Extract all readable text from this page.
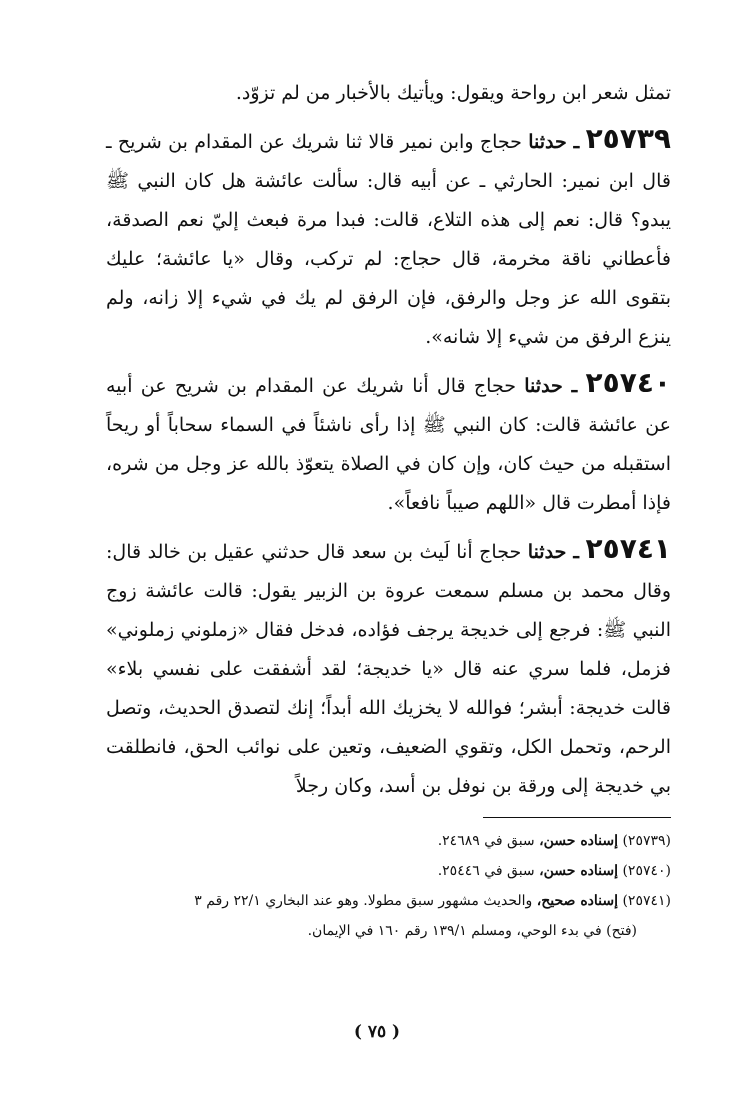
تمثل شعر ابن رواحة ويقول: ويأتيك بالأخبار من لم تزوّد.

٢٥٧٣٩ ـ حدثنا حجاج وابن نمير قالا ثنا شريك عن المقدام بن شريح ـ قال ابن نمير: الحارثي ـ عن أبيه قال: سألت عائشة هل كان النبي ﷺ يبدو؟ قال: نعم إلى هذه التلاع، قالت: فبدا مرة فبعث إليّ نعم الصدقة، فأعطاني ناقة مخرمة، قال حجاج: لم تركب، وقال «يا عائشة؛ عليك بتقوى الله عز وجل والرفق، فإن الرفق لم يك في شيء إلا زانه، ولم ينزع الرفق من شيء إلا شانه».

٢٥٧٤٠ ـ حدثنا حجاج قال أنا شريك عن المقدام بن شريح عن أبيه عن عائشة قالت: كان النبي ﷺ إذا رأى ناشئاً في السماء سحاباً أو ريحاً استقبله من حيث كان، وإن كان في الصلاة يتعوّذ بالله عز وجل من شره، فإذا أمطرت قال «اللهم صيباً نافعاً».

٢٥٧٤١ ـ حدثنا حجاج أنا لَيث بن سعد قال حدثني عقيل بن خالد قال: وقال محمد بن مسلم سمعت عروة بن الزبير يقول: قالت عائشة زوج النبي ﷺ: فرجع إلى خديجة يرجف فؤاده، فدخل فقال «زملوني زملوني» فزمل، فلما سري عنه قال «يا خديجة؛ لقد أشفقت على نفسي بلاء» قالت خديجة: أبشر؛ فوالله لا يخزيك الله أبداً؛ إنك لتصدق الحديث، وتصل الرحم، وتحمل الكل، وتقوي الضعيف، وتعين على نوائب الحق، فانطلقت بي خديجة إلى ورقة بن نوفل بن أسد، وكان رجلاً

(٢٥٧٣٩) إسناده حسن، سبق في ٢٤٦٨٩.

(٢٥٧٤٠) إسناده حسن، سبق في ٢٥٤٤٦.

(٢٥٧٤١) إسناده صحيح، والحديث مشهور سبق مطولا. وهو عند البخاري ٢٢/١ رقم ٣

(فتح) في بدء الوحي، ومسلم ١٣٩/١ رقم ١٦٠ في الإيمان.

( ٧٥ )
